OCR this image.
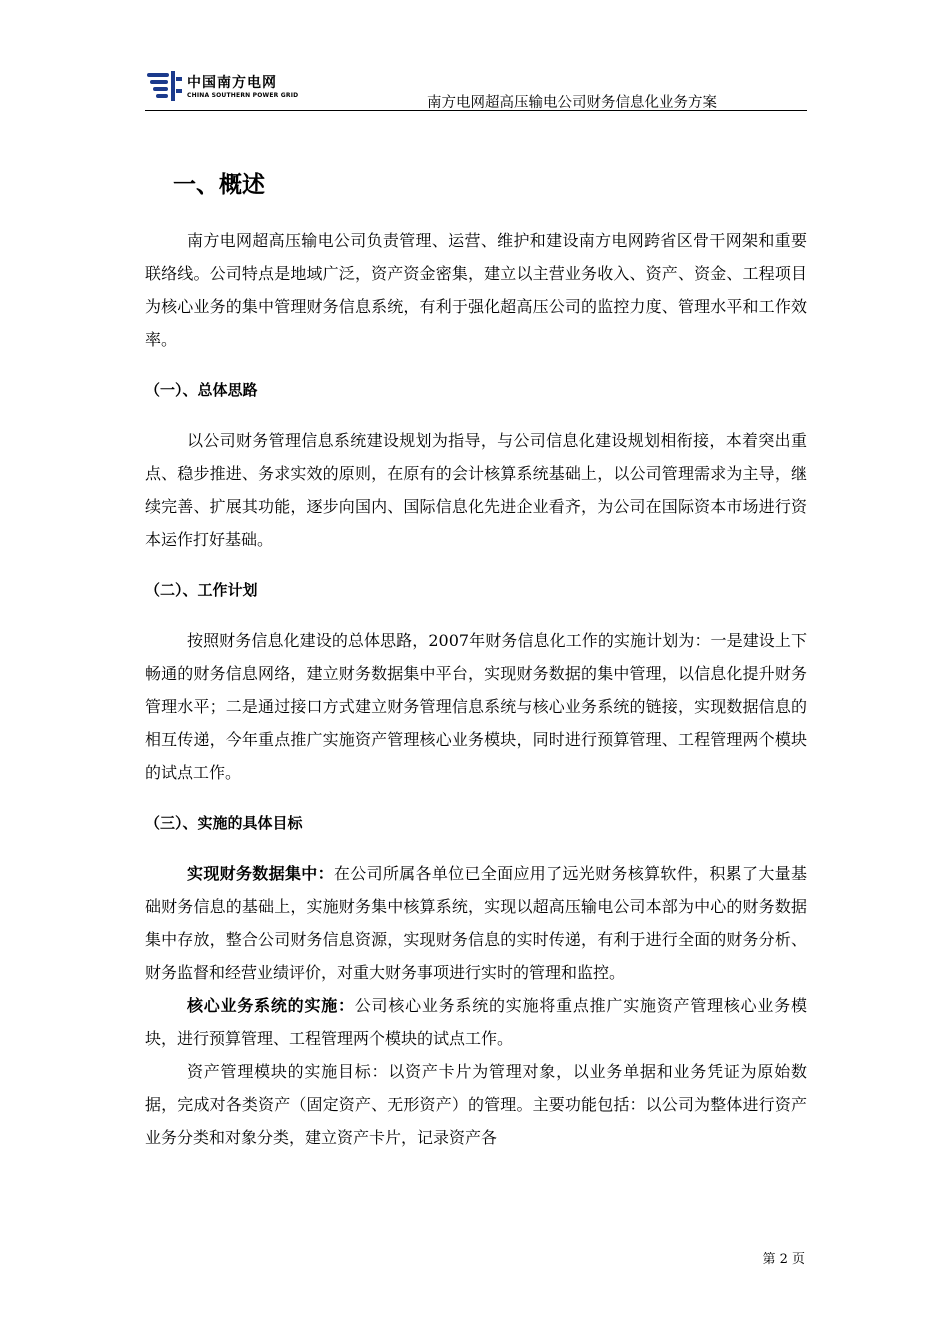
中国南方电网
CHINA SOUTHERN POWER GRID	南方电网超高压输电公司财务信息化业务方案
一、概述

南方电网超高压输电公司负责管理、运营、维护和建设南方电网跨省区骨干网架和重要联络线。公司特点是地域广泛，资产资金密集，建立以主营业务收入、资产、资金、工程项目为核心业务的集中管理财务信息系统，有利于强化超高压公司的监控力度、管理水平和工作效率。

（一）、总体思路

以公司财务管理信息系统建设规划为指导，与公司信息化建设规划相衔接，本着突出重点、稳步推进、务求实效的原则，在原有的会计核算系统基础上，以公司管理需求为主导，继续完善、扩展其功能，逐步向国内、国际信息化先进企业看齐，为公司在国际资本市场进行资本运作打好基础。

（二）、工作计划

按照财务信息化建设的总体思路，2007年财务信息化工作的实施计划为：一是建设上下畅通的财务信息网络，建立财务数据集中平台，实现财务数据的集中管理，以信息化提升财务管理水平；二是通过接口方式建立财务管理信息系统与核心业务系统的链接，实现数据信息的相互传递，今年重点推广实施资产管理核心业务模块，同时进行预算管理、工程管理两个模块的试点工作。

（三）、实施的具体目标

实现财务数据集中：在公司所属各单位已全面应用了远光财务核算软件，积累了大量基础财务信息的基础上，实施财务集中核算系统，实现以超高压输电公司本部为中心的财务数据集中存放，整合公司财务信息资源，实现财务信息的实时传递，有利于进行全面的财务分析、财务监督和经营业绩评价，对重大财务事项进行实时的管理和监控。

核心业务系统的实施：公司核心业务系统的实施将重点推广实施资产管理核心业务模块，进行预算管理、工程管理两个模块的试点工作。

资产管理模块的实施目标：以资产卡片为管理对象，以业务单据和业务凭证为原始数据，完成对各类资产（固定资产、无形资产）的管理。主要功能包括：以公司为整体进行资产业务分类和对象分类，建立资产卡片，记录资产各

第 2 页
